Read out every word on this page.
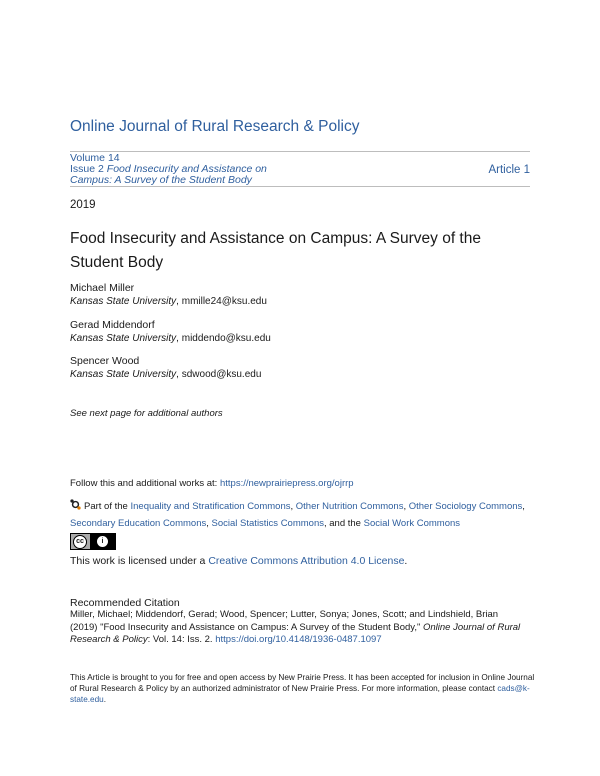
Online Journal of Rural Research & Policy
Volume 14
Issue 2 Food Insecurity and Assistance on
Campus: A Survey of the Student Body
Article 1
2019
Food Insecurity and Assistance on Campus: A Survey of the Student Body
Michael Miller
Kansas State University, mmille24@ksu.edu
Gerad Middendorf
Kansas State University, middendo@ksu.edu
Spencer Wood
Kansas State University, sdwood@ksu.edu
See next page for additional authors
Follow this and additional works at: https://newprairiepress.org/ojrrp
Part of the Inequality and Stratification Commons, Other Nutrition Commons, Other Sociology Commons, Secondary Education Commons, Social Statistics Commons, and the Social Work Commons
cc	i
This work is licensed under a Creative Commons Attribution 4.0 License.
Recommended Citation
Miller, Michael; Middendorf, Gerad; Wood, Spencer; Lutter, Sonya; Jones, Scott; and Lindshield, Brian
(2019) "Food Insecurity and Assistance on Campus: A Survey of the Student Body," Online Journal of Rural Research & Policy: Vol. 14: Iss. 2. https://doi.org/10.4148/1936-0487.1097
This Article is brought to you for free and open access by New Prairie Press. It has been accepted for inclusion in Online Journal of Rural Research & Policy by an authorized administrator of New Prairie Press. For more information, please contact cads@k-state.edu.
